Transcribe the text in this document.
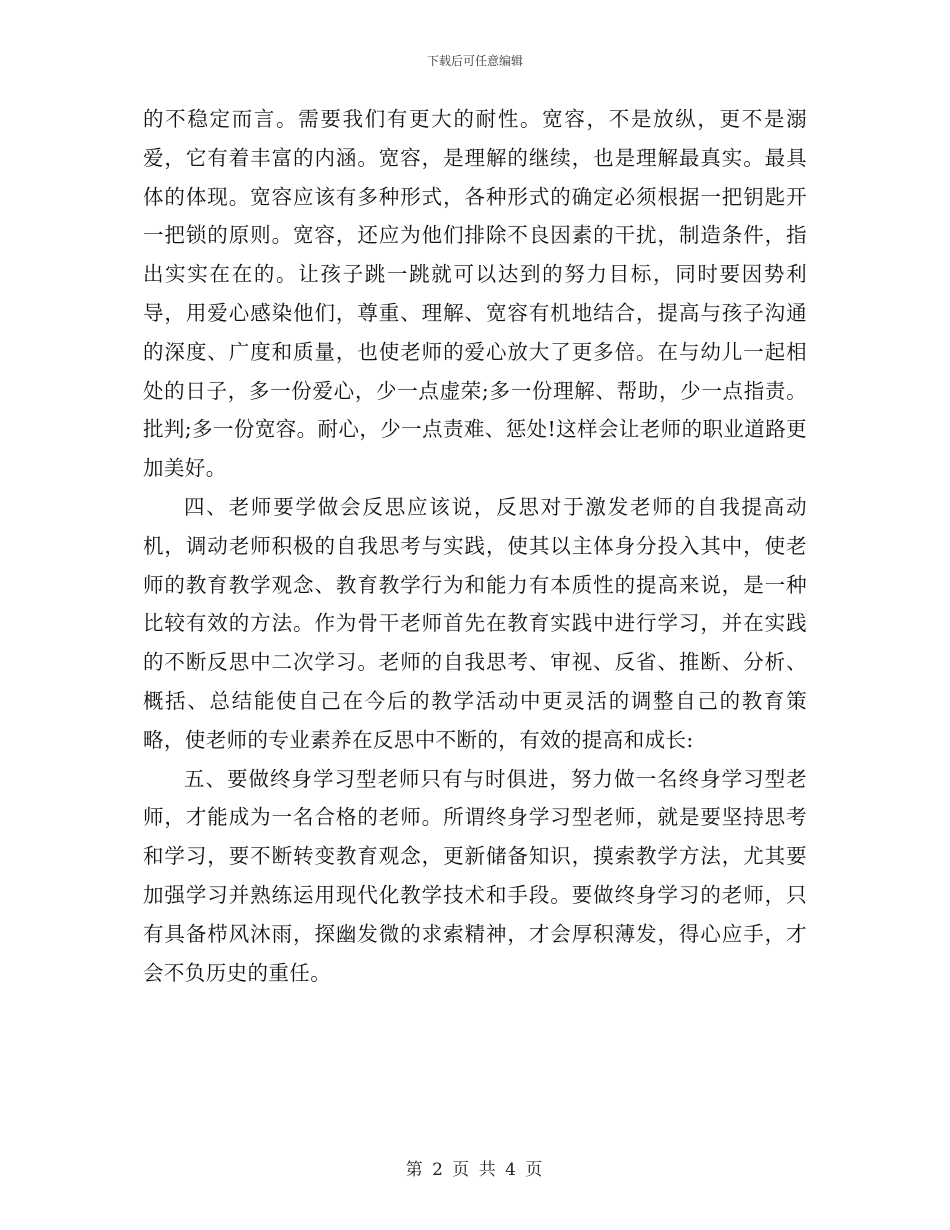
下载后可任意编辑

的不稳定而言。需要我们有更大的耐性。宽容，不是放纵，更不是溺爱，它有着丰富的内涵。宽容，是理解的继续，也是理解最真实。最具体的体现。宽容应该有多种形式，各种形式的确定必须根据一把钥匙开一把锁的原则。宽容，还应为他们排除不良因素的干扰，制造条件，指出实实在在的。让孩子跳一跳就可以达到的努力目标，同时要因势利导，用爱心感染他们，尊重、理解、宽容有机地结合，提高与孩子沟通的深度、广度和质量，也使老师的爱心放大了更多倍。在与幼儿一起相处的日子，多一份爱心，少一点虚荣;多一份理解、帮助，少一点指责。批判;多一份宽容。耐心，少一点责难、惩处!这样会让老师的职业道路更加美好。

四、老师要学做会反思应该说，反思对于激发老师的自我提高动机，调动老师积极的自我思考与实践，使其以主体身分投入其中，使老师的教育教学观念、教育教学行为和能力有本质性的提高来说，是一种比较有效的方法。作为骨干老师首先在教育实践中进行学习，并在实践的不断反思中二次学习。老师的自我思考、审视、反省、推断、分析、概括、总结能使自己在今后的教学活动中更灵活的调整自己的教育策略，使老师的专业素养在反思中不断的，有效的提高和成长:

五、要做终身学习型老师只有与时俱进，努力做一名终身学习型老师，才能成为一名合格的老师。所谓终身学习型老师，就是要坚持思考和学习，要不断转变教育观念，更新储备知识，摸索教学方法，尤其要加强学习并熟练运用现代化教学技术和手段。要做终身学习的老师，只有具备栉风沐雨，探幽发微的求索精神，才会厚积薄发，得心应手，才会不负历史的重任。

第 2 页 共 4 页
